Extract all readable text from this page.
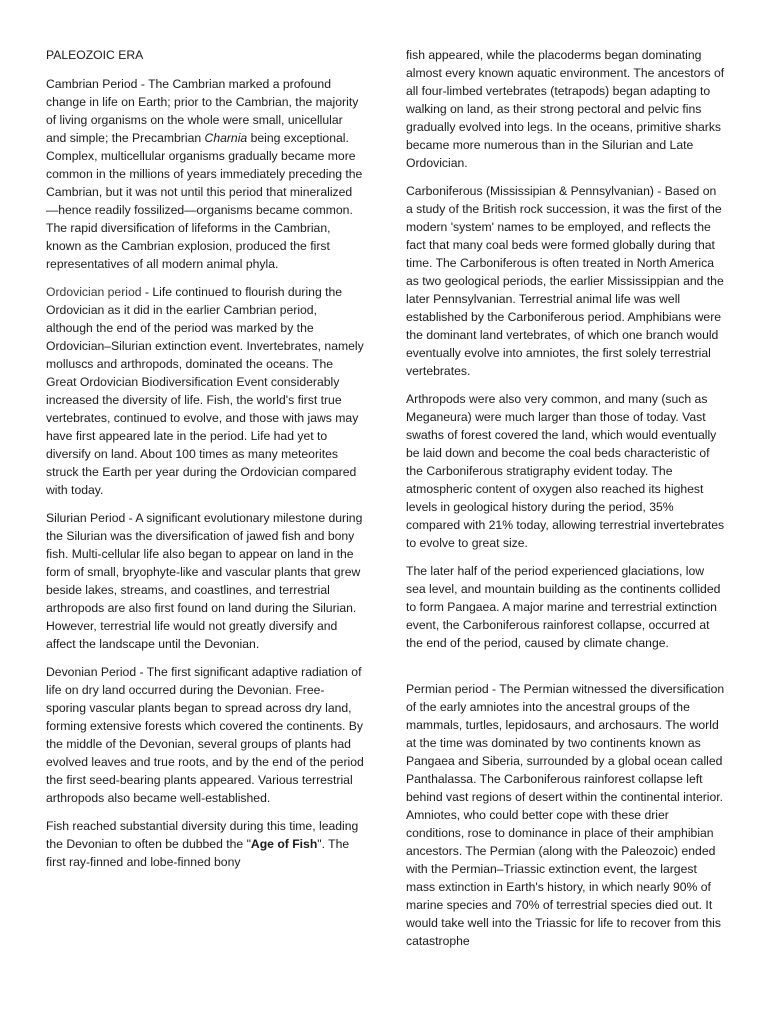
PALEOZOIC ERA

Cambrian Period - The Cambrian marked a profound change in life on Earth; prior to the Cambrian, the majority of living organisms on the whole were small, unicellular and simple; the Precambrian Charnia being exceptional. Complex, multicellular organisms gradually became more common in the millions of years immediately preceding the Cambrian, but it was not until this period that mineralized—hence readily fossilized—organisms became common. The rapid diversification of lifeforms in the Cambrian, known as the Cambrian explosion, produced the first representatives of all modern animal phyla.

Ordovician period - Life continued to flourish during the Ordovician as it did in the earlier Cambrian period, although the end of the period was marked by the Ordovician–Silurian extinction event. Invertebrates, namely molluscs and arthropods, dominated the oceans. The Great Ordovician Biodiversification Event considerably increased the diversity of life. Fish, the world's first true vertebrates, continued to evolve, and those with jaws may have first appeared late in the period. Life had yet to diversify on land. About 100 times as many meteorites struck the Earth per year during the Ordovician compared with today.

Silurian Period - A significant evolutionary milestone during the Silurian was the diversification of jawed fish and bony fish. Multi-cellular life also began to appear on land in the form of small, bryophyte-like and vascular plants that grew beside lakes, streams, and coastlines, and terrestrial arthropods are also first found on land during the Silurian. However, terrestrial life would not greatly diversify and affect the landscape until the Devonian.

Devonian Period - The first significant adaptive radiation of life on dry land occurred during the Devonian. Free-sporing vascular plants began to spread across dry land, forming extensive forests which covered the continents. By the middle of the Devonian, several groups of plants had evolved leaves and true roots, and by the end of the period the first seed-bearing plants appeared. Various terrestrial arthropods also became well-established.

Fish reached substantial diversity during this time, leading the Devonian to often be dubbed the "Age of Fish". The first ray-finned and lobe-finned bony

fish appeared, while the placoderms began dominating almost every known aquatic environment. The ancestors of all four-limbed vertebrates (tetrapods) began adapting to walking on land, as their strong pectoral and pelvic fins gradually evolved into legs. In the oceans, primitive sharks became more numerous than in the Silurian and Late Ordovician.

Carboniferous (Mississipian & Pennsylvanian) - Based on a study of the British rock succession, it was the first of the modern 'system' names to be employed, and reflects the fact that many coal beds were formed globally during that time. The Carboniferous is often treated in North America as two geological periods, the earlier Mississippian and the later Pennsylvanian. Terrestrial animal life was well established by the Carboniferous period. Amphibians were the dominant land vertebrates, of which one branch would eventually evolve into amniotes, the first solely terrestrial vertebrates.

Arthropods were also very common, and many (such as Meganeura) were much larger than those of today. Vast swaths of forest covered the land, which would eventually be laid down and become the coal beds characteristic of the Carboniferous stratigraphy evident today. The atmospheric content of oxygen also reached its highest levels in geological history during the period, 35% compared with 21% today, allowing terrestrial invertebrates to evolve to great size.

The later half of the period experienced glaciations, low sea level, and mountain building as the continents collided to form Pangaea. A major marine and terrestrial extinction event, the Carboniferous rainforest collapse, occurred at the end of the period, caused by climate change.

Permian period - The Permian witnessed the diversification of the early amniotes into the ancestral groups of the mammals, turtles, lepidosaurs, and archosaurs. The world at the time was dominated by two continents known as Pangaea and Siberia, surrounded by a global ocean called Panthalassa. The Carboniferous rainforest collapse left behind vast regions of desert within the continental interior. Amniotes, who could better cope with these drier conditions, rose to dominance in place of their amphibian ancestors. The Permian (along with the Paleozoic) ended with the Permian–Triassic extinction event, the largest mass extinction in Earth's history, in which nearly 90% of marine species and 70% of terrestrial species died out. It would take well into the Triassic for life to recover from this catastrophe
